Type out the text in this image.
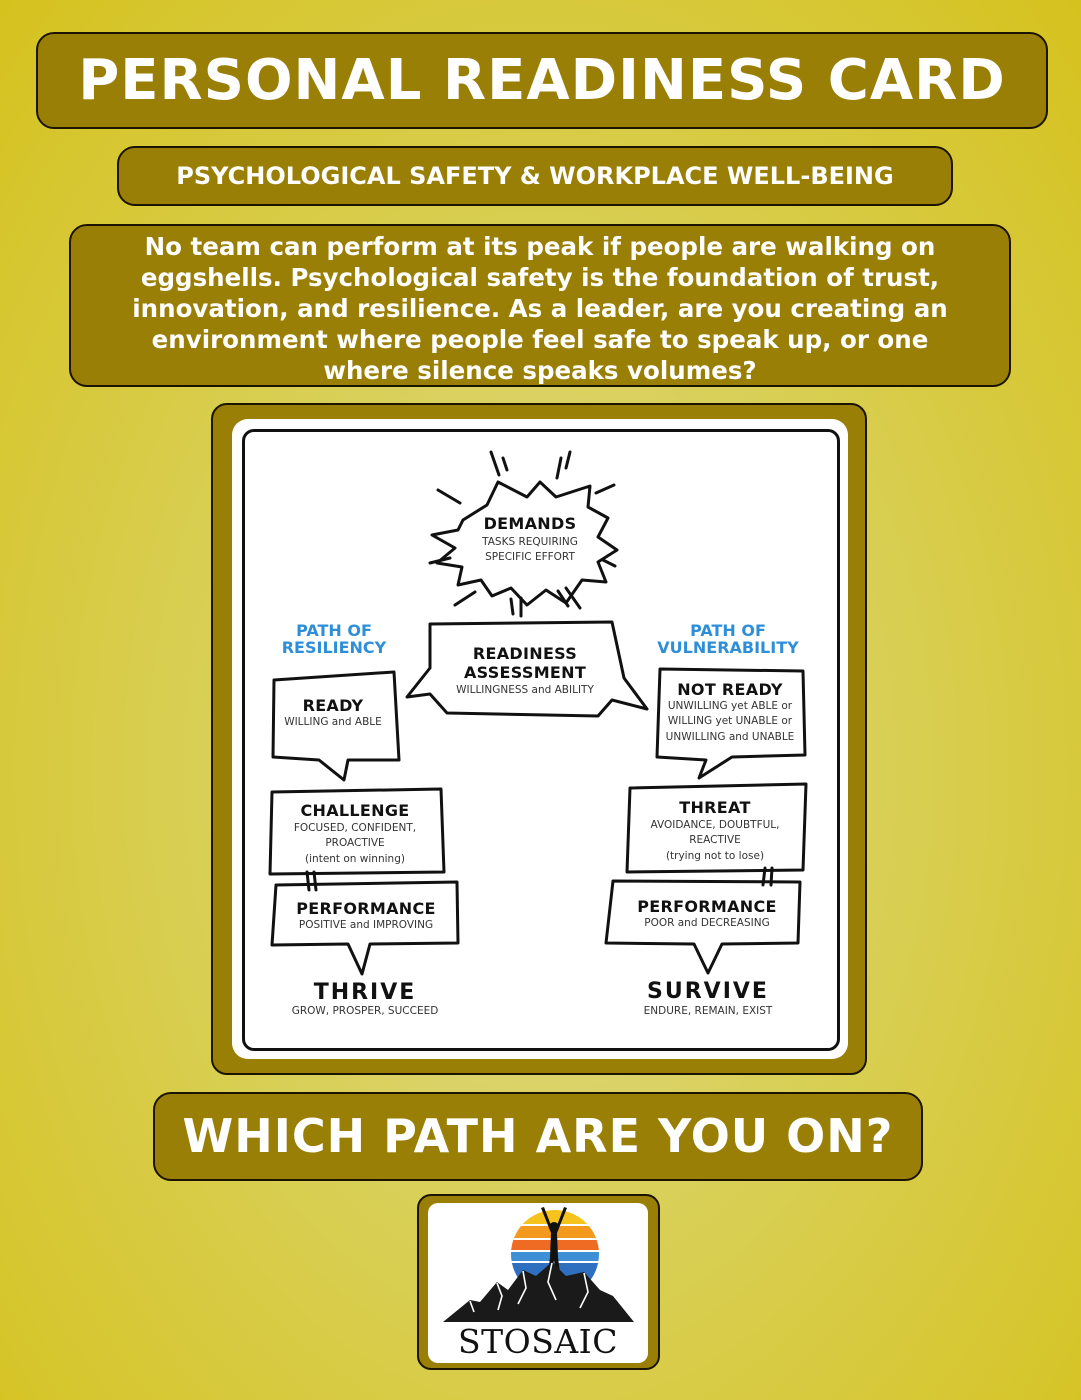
PERSONAL READINESS CARD
PSYCHOLOGICAL SAFETY & WORKPLACE WELL-BEING
No team can perform at its peak if people are walking on
eggshells. Psychological safety is the foundation of trust,
innovation, and resilience. As a leader, are you creating an
environment where people feel safe to speak up, or one
where silence speaks volumes?
DEMANDS
TASKS REQUIRING
SPECIFIC EFFORT
PATH OF
RESILIENCY
PATH OF
VULNERABILITY
READINESS
ASSESSMENT
WILLINGNESS and ABILITY
READY
WILLING and ABLE
NOT READY
UNWILLING yet ABLE or
WILLING yet UNABLE or
UNWILLING and UNABLE
CHALLENGE
FOCUSED, CONFIDENT,
PROACTIVE
(intent on winning)
THREAT
AVOIDANCE, DOUBTFUL,
REACTIVE
(trying not to lose)
PERFORMANCE
POSITIVE and IMPROVING
PERFORMANCE
POOR and DECREASING
THRIVE
GROW, PROSPER, SUCCEED
SURVIVE
ENDURE, REMAIN, EXIST
WHICH PATH ARE YOU ON?
STOSAIC
